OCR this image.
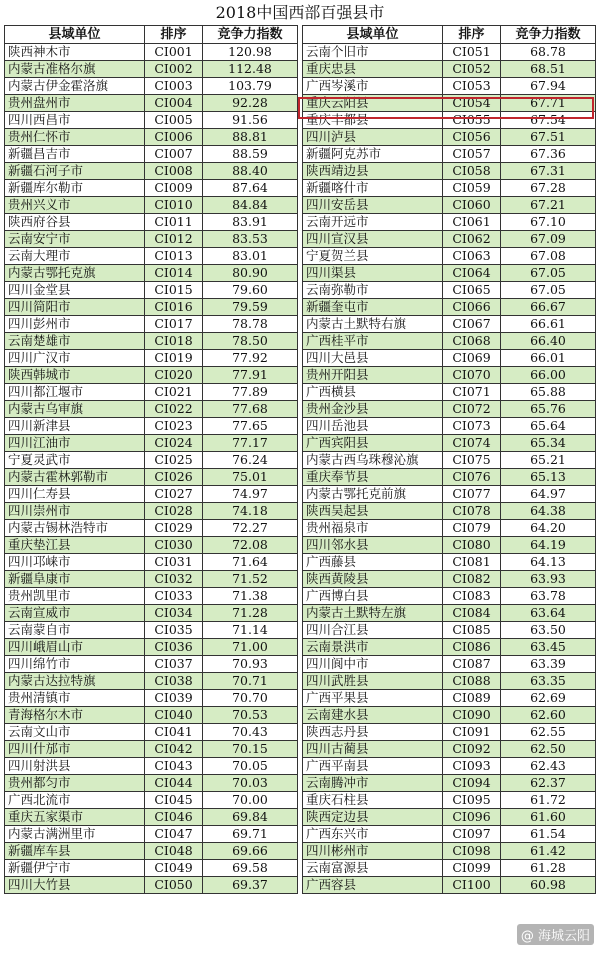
2018中国西部百强县市
县域单位	排序	竞争力指数
陕西神木市	CI001	120.98
内蒙古准格尔旗	CI002	112.48
内蒙古伊金霍洛旗	CI003	103.79
贵州盘州市	CI004	92.28
四川西昌市	CI005	91.56
贵州仁怀市	CI006	88.81
新疆昌吉市	CI007	88.59
新疆石河子市	CI008	88.40
新疆库尔勒市	CI009	87.64
贵州兴义市	CI010	84.84
陕西府谷县	CI011	83.91
云南安宁市	CI012	83.53
云南大理市	CI013	83.01
内蒙古鄂托克旗	CI014	80.90
四川金堂县	CI015	79.60
四川简阳市	CI016	79.59
四川彭州市	CI017	78.78
云南楚雄市	CI018	78.50
四川广汉市	CI019	77.92
陕西韩城市	CI020	77.91
四川都江堰市	CI021	77.89
内蒙古乌审旗	CI022	77.68
四川新津县	CI023	77.65
四川江油市	CI024	77.17
宁夏灵武市	CI025	76.24
内蒙古霍林郭勒市	CI026	75.01
四川仁寿县	CI027	74.97
四川崇州市	CI028	74.18
内蒙古锡林浩特市	CI029	72.27
重庆垫江县	CI030	72.08
四川邛崃市	CI031	71.64
新疆阜康市	CI032	71.52
贵州凯里市	CI033	71.38
云南宣威市	CI034	71.28
云南蒙自市	CI035	71.14
四川峨眉山市	CI036	71.00
四川绵竹市	CI037	70.93
内蒙古达拉特旗	CI038	70.71
贵州清镇市	CI039	70.70
青海格尔木市	CI040	70.53
云南文山市	CI041	70.43
四川什邡市	CI042	70.15
四川射洪县	CI043	70.05
贵州都匀市	CI044	70.03
广西北流市	CI045	70.00
重庆五家渠市	CI046	69.84
内蒙古满洲里市	CI047	69.71
新疆库车县	CI048	69.66
新疆伊宁市	CI049	69.58
四川大竹县	CI050	69.37
县域单位	排序	竞争力指数
云南个旧市	CI051	68.78
重庆忠县	CI052	68.51
广西岑溪市	CI053	67.94
重庆云阳县	CI054	67.71
重庆丰都县	CI055	67.54
四川泸县	CI056	67.51
新疆阿克苏市	CI057	67.36
陕西靖边县	CI058	67.31
新疆喀什市	CI059	67.28
四川安岳县	CI060	67.21
云南开远市	CI061	67.10
四川宣汉县	CI062	67.09
宁夏贺兰县	CI063	67.08
四川渠县	CI064	67.05
云南弥勒市	CI065	67.05
新疆奎屯市	CI066	66.67
内蒙古土默特右旗	CI067	66.61
广西桂平市	CI068	66.40
四川大邑县	CI069	66.01
贵州开阳县	CI070	66.00
广西横县	CI071	65.88
贵州金沙县	CI072	65.76
四川岳池县	CI073	65.64
广西宾阳县	CI074	65.34
内蒙古西乌珠穆沁旗	CI075	65.21
重庆奉节县	CI076	65.13
内蒙古鄂托克前旗	CI077	64.97
陕西吴起县	CI078	64.38
贵州福泉市	CI079	64.20
四川邻水县	CI080	64.19
广西藤县	CI081	64.13
陕西黄陵县	CI082	63.93
广西博白县	CI083	63.78
内蒙古土默特左旗	CI084	63.64
四川合江县	CI085	63.50
云南景洪市	CI086	63.45
四川阆中市	CI087	63.39
四川武胜县	CI088	63.35
广西平果县	CI089	62.69
云南建水县	CI090	62.60
陕西志丹县	CI091	62.55
四川古蔺县	CI092	62.50
广西平南县	CI093	62.43
云南腾冲市	CI094	62.37
重庆石柱县	CI095	61.72
陕西定边县	CI096	61.60
广西东兴市	CI097	61.54
四川彬州市	CI098	61.42
云南富源县	CI099	61.28
广西容县	CI100	60.98
@ 海城云阳
